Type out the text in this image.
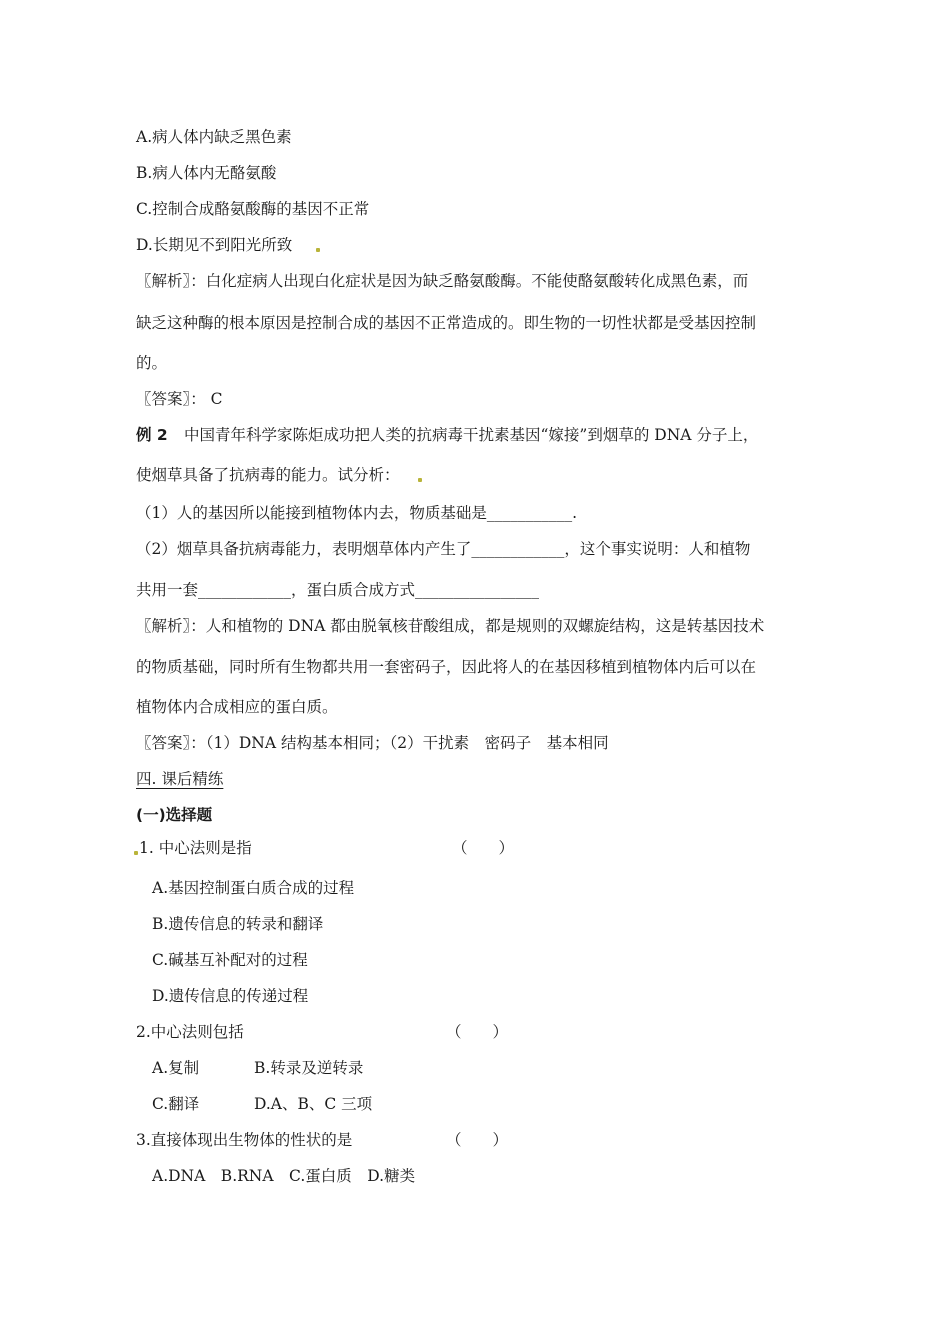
A.病人体内缺乏黑色素
B.病人体内无酪氨酸
C.控制合成酪氨酸酶的基因不正常
D.长期见不到阳光所致
〖解析〗：白化症病人出现白化症状是因为缺乏酪氨酸酶。不能使酪氨酸转化成黑色素，而
缺乏这种酶的根本原因是控制合成的基因不正常造成的。即生物的一切性状都是受基因控制
的。
〖答案〗： C
例 2 中国青年科学家陈炬成功把人类的抗病毒干扰素基因“嫁接”到烟草的 DNA 分子上，
使烟草具备了抗病毒的能力。试分析：
（1）人的基因所以能接到植物体内去，物质基础是___________.
（2）烟草具备抗病毒能力，表明烟草体内产生了____________，这个事实说明：人和植物
共用一套____________，蛋白质合成方式________________
〖解析〗：人和植物的 DNA 都由脱氧核苷酸组成，都是规则的双螺旋结构，这是转基因技术
的物质基础，同时所有生物都共用一套密码子，因此将人的在基因移植到植物体内后可以在
植物体内合成相应的蛋白质。
〖答案〗：（1）DNA 结构基本相同；（2）干扰素　密码子　基本相同
四. 课后精练
(一)选择题
1. 中心法则是指	（　　）
A.基因控制蛋白质合成的过程
B.遗传信息的转录和翻译
C.碱基互补配对的过程
D.遗传信息的传递过程
2.中心法则包括	（　　）
A.复制	B.转录及逆转录
C.翻译	D.A、B、C 三项
3.直接体现出生物体的性状的是	（　　）
A.DNA　B.RNA　C.蛋白质　D.糖类
